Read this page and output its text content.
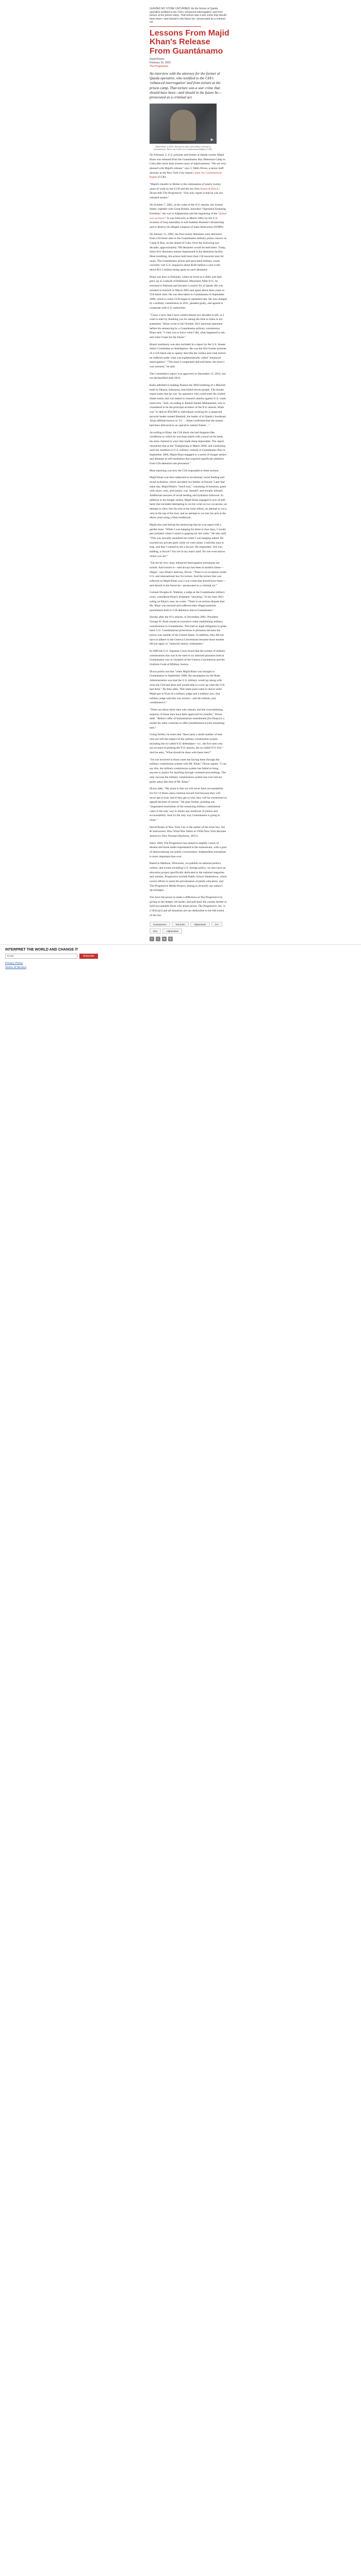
LEAVING NO STONE UNTURNED: As the former al Qaeda operative testified to the CIA's 'enhanced interrogation' and from torture at the prison camp. That torture was a war crime that should have been—and should in the future be—prosecuted as a criminal act.

Lessons From Majid Khan's Release From Guantánamo
David Rosen
February 16, 2023
The Progressive

An interview with the attorney for the former al Qaeda operative, who testified to the CIA's 'enhanced interrogation' and from torture at the prison camp. That torture was a war crime that should have been—and should in the future be—prosecuted as a criminal act.

▶

Majid Khan in 2021, during his state and military tribunal at Guantánamo. Photo via Center for Constitutional Rights (CCR).

On February 2, U.S. prisoner and former al Qaeda courier Majid Khan was released from the Guantánamo Bay Detention Camp in Cuba after more than sixteen years of imprisonment. "We are very pleased with Majid's release," says J. Wells Dixon, a senior staff attorney at the New York City–based Center for Constitutional Rights (CCR).

"Majid's transfer to Belize is the culmination of nearly twenty years of work by the CCR and the law firm Jenner & Block," Dixon tells The Progressive. "Our only regret is that he was not released sooner."

On October 7, 2001, in the wake of the 9/11 attacks, the United States, together with Great Britain, launched "Operation Enduring Freedom," the war in Afghanistan and the beginning of the "global war on terror." It was followed, in March 2003, by the U.S. invasion of Iraq ostensibly to end Saddam Hussein's dictatorship and to destroy his alleged weapons of mass destruction (WMD).

On January 11, 2002, the first twenty detainees were delivered from CIA black sites to the Guantánamo military prison, known as Camp X-Ray, on the island of Cuba. Over the following two decades, approximately 780 detainees would be held there. Today, thirty-five detainees remain imprisoned in the detention facility. Most troubling, this prison held more than 150 innocent men for years. The Guantánamo prison and associated military courts currently cost U.S. taxpayers about $540 million a year (with about $13.5 million being spent on each detainee).

Khan was born in Pakistan, where he lived as a child, and later grew up in a suburb of Baltimore, Maryland. After 9/11, he returned to Pakistan and became a courier for al Qaeda. He was arrested in Karachi in March 2003 and spent about three years in CIA black sites. He was then taken to Guantánamo in September 2006, which is when CCR began to represent him. He was charged by a military commission in 2011, pleaded guilty, and agreed to cooperate with U.S. authorities.

"I have a story that I have waited almost two decades to tell, so I want to start by thanking you for taking the time to listen to my statement," Khan wrote in his October 2021 personal statement before his sentencing by a Guantánamo military commission. Khan said, "I want you to know what I did, what happened to me, and what I hope for the future."

Khan's testimony was also included in a report by the U.S. Senate Select Committee on Intelligence. He was the first former prisoner of a CIA black site to openly describe the violent and cruel torture he suffered under what was euphemistically called "enhanced interrogation." "The more I cooperated and told them, the more I was tortured," he said.

The Committee's report was approved on December 13, 2012, but not declassified until 2014.

Kahn admitted to helping finance the 2003 bombing of a Marriott hotel in Jakarta, Indonesia, that killed eleven people. The Senate report notes that he was "an operative who could enter the United States easily and was tasked to research attacks against U.S. water reservoirs." And, according to Khalid Sheikh Mohammed, who is considered to be the principal architect of the 9/11 attacks, Khan was "to deliver $50,000 to individuals working for a suspected terrorist leader named Hambali, the leader of al Qaeda's Southeast Asian affiliate known as 'J.I.' ... Khan confirmed that the money had been delivered to an operative named Zubair ..."

According to Khan, the CIA black site had dungeon-like conditions in which he was kept naked with a hood on his head, his arms chained in ways that made sleep impossible. The report chronicles that at the "[b]eginning in March 2004, and continuing until his rendition to U.S. military custody at Guantánamo Bay in September 2006, Majid Khan engaged in a series of hunger strikes and attempts at self-mutilation that required significant attention from CIA detention site personnel."

Most alarming was how the CIA responded to these actions:

Majid Khan was then subjected to involuntary rectal feeding and rectal hydration, which included two bottles of Ensure. Later that same day, Majid Khan's "lunch tray," consisting of hummus, pasta with sauce, nuts, and raisins, was "pureed" and rectally infused. Additional sessions of rectal feeding and hydration followed. In addition to his hunger strikes, Majid Khan engaged in acts of self-harm that included attempting to cut his wrist on two occasions, an attempt to chew into his arm at the inner elbow, an attempt to cut a vein in the top of his foot, and an attempt to cut into his arm at the elbow joint using a filed toothbrush.

Majid also said during his sentencing that he was raped with a garden hose: "While I was hanging for three to four days, I would pee (urinate) where I stood or gasping for hot water." He also said: "This was sexually assaulted me while I was hanging naked. He touched my private parts while we were alone. I told this man to stop, and that I wanted to see a lawyer. He responded, 'Are you kidding, a lawyer? You are in my man's land. No one even knows where you are.'"

"Let me be very clear, enhanced interrogation techniques are torture. And torture is—and always has been in modern times—illegal," says Khan's attorney, Dixon. "There is no exception under U.S. and international law for torture. And the torture that was inflicted on Majid Khan was a war crime that should have been—and should in the future be—prosecuted as a criminal act."

Colonel Douglas K. Watkins, a judge at the Guantánamo military court, considered Khan's treatment "shocking." In his June 2021 ruling on Khan's case, he wrote, "There is no serious dispute that Mr. Khan was tortured and suffered other illegal potential punishment both in CIA detention and at Guantánamo."

Shortly after the 9/11 attacks, in November 2001, President George W. Bush issued an executive order establishing military commissions in Guantánamo. This had no legal obligation to grant basic U.S. Constitutional protections to prisoners because the prison was outside of the United States. In addition, they did not have to adhere to the Geneva Conventions because those treaties did not apply to "unlawful enemy combatants."

In 2006 the U.S. Supreme Court found that the system of military commissions that was to be used to try selected prisoners held at Guantánamo was in violation of the Geneva Conventions and the Uniform Code of Military Justice.

Dixon points out that "when Majid Khan was brought to Guantánamo in September 2006, the assumption by the Bush Administration was that the U.S. military would go along with what the CIA had done and would help to cover up what the CIA had done." He then adds, "But when push came to shove when Majid got in front of a military judge and a military jury, that military judge said this was torture—and the military jury condemned it."

"There are thirty-three men who remain, and the overwhelming majority of those men have been approved for transfer," Dixon adds. "Belize's offer of humanitarian resettlement [for Khan] is a model for other countries to offer [resettlement to] the remaining men."

Going further, he notes that "there [are] a small number of men who are still the subject of the military commission system including the so-called 9/11 defendants—i.e., the five men who are accused of plotting the 9/11 attacks, the so-called 9/11 five." And he asks, "What should be done with these men?"

"I'm not involved in those cases but having been through the military-commission system with Mr. Khan," Dixon argues. "I can say this, the military-commission system has failed to bring anyone to justice for anything through contested proceedings. The only success the military commissions system has ever had are guilty pleas like that of Mr. Khan."

Dixon adds, "My point is that we will never have accountability for 9/11 if those cases continue toward trial because they will never get to trial; and if they get to trial, they will be overturned on appeal because of torture." He goes further, pointing out, "negotiated resolutions of the remaining military commission cases is the only way to obtain any modicum of justice and accountability. And it's the only way Guantánamo is going to close."

David Rosen of New York City is the author of the book Sex, Sin & Subversion: How What Was Taboo in 1950s New York Became America's New Normal (Skyhorse, 2015).

Since 1909, The Progressive has aimed to amplify voices of dissent and those under-represented in the mainstream, with a goal of democratizing our public conversation. Independent journalism is more important than ever.

Based in Madison, Wisconsin, we publish on national politics, culture, and events including U.S. foreign policy; we also have an education project specifically dedicated to the national magazine and website, Progressive include Public School Shakedown, which covers efforts to resist the privatization of public education, and The Progressive Media Project, aiming to diversify our nation's op-ed pages.

You have the power to make a difference at The Progressive by giving us the deeper, bit harder, and pull back the curtain further to hold accountable those who abuse power. The Progressive, Inc. is a 501(c)(3) and all donations are tax-deductible to the full extent of the law.

Guantanamo	Terrorism	Afghanistan	CIA
9/11	Afghanistan
f	t	in	✉
INTERPRET THE WORLD AND CHANGE IT
Email
Subscribe
Privacy Policy
Terms of Service
